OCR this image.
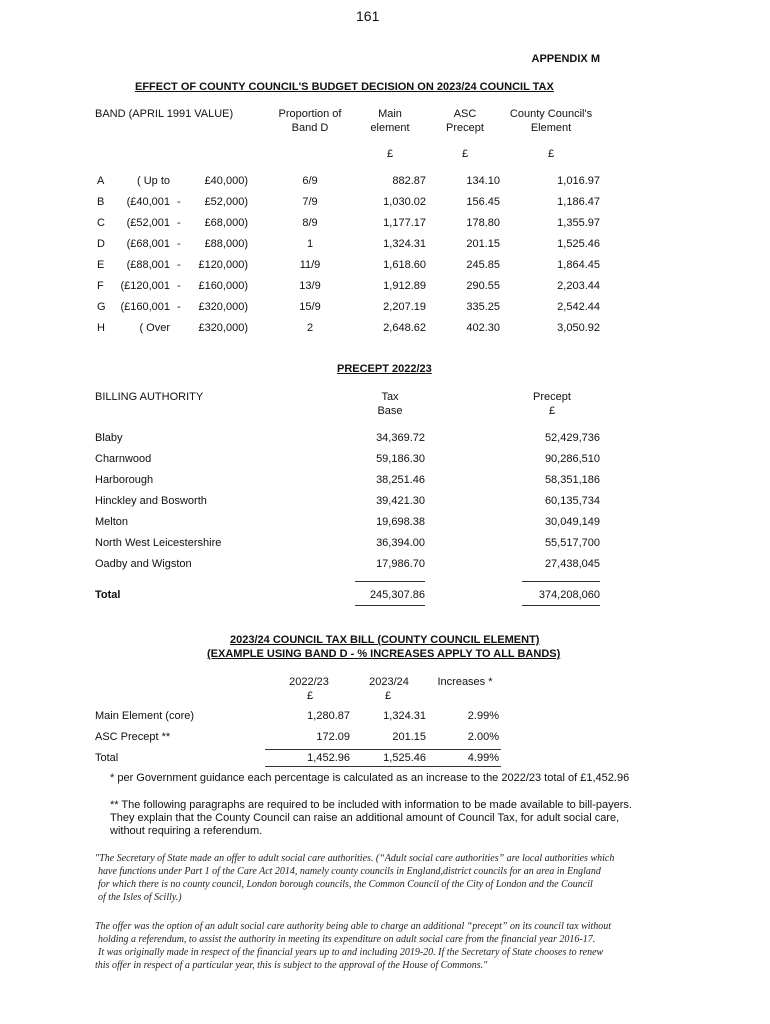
161
APPENDIX M
EFFECT OF COUNTY COUNCIL'S BUDGET DECISION ON 2023/24 COUNCIL TAX
BAND (APRIL 1991 VALUE)	Proportion of
Band D
Main
element
ASC
Precept
County Council's
Element
£	£	£
A	( Up to	£40,000)	6/9	882.87	134.10	1,016.97
B	(£40,001 -	£52,000)	7/9	1,030.02	156.45	1,186.47
C	(£52,001 -	£68,000)	8/9	1,177.17	178.80	1,355.97
D	(£68,001 -	£88,000)	1	1,324.31	201.15	1,525.46
E	(£88,001 -	£120,000)	11/9	1,618.60	245.85	1,864.45
F	(£120,001 -	£160,000)	13/9	1,912.89	290.55	2,203.44
G	(£160,001 -	£320,000)	15/9	2,207.19	335.25	2,542.44
H	( Over	£320,000)	2	2,648.62	402.30	3,050.92
PRECEPT 2022/23
BILLING AUTHORITY	Tax
Base
Precept
£
Blaby	34,369.72	52,429,736
Charnwood	59,186.30	90,286,510
Harborough	38,251.46	58,351,186
Hinckley and Bosworth	39,421.30	60,135,734
Melton	19,698.38	30,049,149
North West Leicestershire	36,394.00	55,517,700
Oadby and Wigston	17,986.70	27,438,045
Total	245,307.86	374,208,060
2023/24 COUNCIL TAX BILL (COUNTY COUNCIL ELEMENT)
(EXAMPLE USING BAND D - % INCREASES APPLY TO ALL BANDS)
2022/23	2023/24	Increases *
£	£
Main Element (core)	1,280.87	1,324.31	2.99%
ASC Precept **	172.09	201.15	2.00%
Total	1,452.96	1,525.46	4.99%
* per Government guidance each percentage is calculated as an increase to the 2022/23 total of £1,452.96
** The following paragraphs are required to be included with information to be made available to bill-payers.
They explain that the County Council can raise an additional amount of Council Tax, for adult social care,
without requiring a referendum.
"The Secretary of State made an offer to adult social care authorities. (“Adult social care authorities” are local authorities which
have functions under Part 1 of the Care Act 2014, namely county councils in England,district councils for an area in England
for which there is no county council, London borough councils, the Common Council of the City of London and the Council
of the Isles of Scilly.)
The offer was the option of an adult social care authority being able to charge an additional “precept” on its council tax without
holding a referendum, to assist the authority in meeting its expenditure on adult social care from the financial year 2016-17.
It was originally made in respect of the financial years up to and including 2019-20. If the Secretary of State chooses to renew
this offer in respect of a particular year, this is subject to the approval of the House of Commons."
